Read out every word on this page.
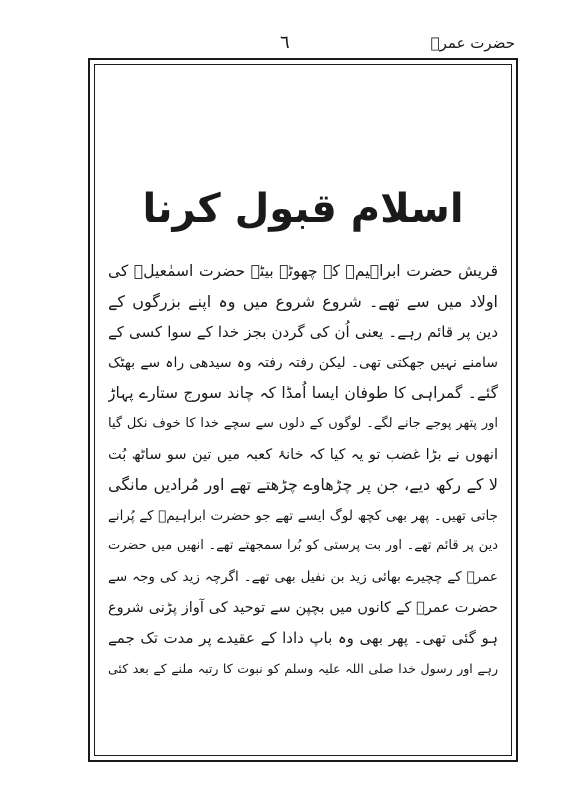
حضرت عمرؓ
٦
اسلام قبول کرنا
قریش حضرت ابراہیمؑ کے چھوٹے بیٹے حضرت اسمٰعیلؑ کی
اولاد میں سے تھے۔ شروع شروع میں وہ اپنے بزرگوں کے
دین پر قائم رہے۔ یعنی اُن کی گردن بجز خدا کے سوا کسی کے
سامنے نہیں جھکتی تھی۔ لیکن رفتہ رفتہ وہ سیدھی راہ سے بھٹک
گئے۔ گمراہی کا طوفان ایسا اُمڈا کہ چاند سورج ستارے پہاڑ
اور پتھر پوجے جانے لگے۔ لوگوں کے دلوں سے سچے خدا کا خوف نکل گیا
انھوں نے بڑا غضب تو یہ کیا کہ خانۂ کعبہ میں تین سو ساٹھ بُت
لا کے رکھ دیے، جن پر چڑھاوے چڑھتے تھے اور مُرادیں مانگی
جاتی تھیں۔ پھر بھی کچھ لوگ ایسے تھے جو حضرت ابراہیمؑ کے پُرانے
دین پر قائم تھے۔ اور بت پرستی کو بُرا سمجھتے تھے۔ انھیں میں حضرت
عمرؓ کے چچیرے بھائی زید بن نفیل بھی تھے۔ اگرچہ زید کی وجہ سے
حضرت عمرؓ کے کانوں میں بچپن سے توحید کی آواز پڑنی شروع
ہو گئی تھی۔ پھر بھی وہ باپ دادا کے عقیدے پر مدت تک جمے
رہے اور رسول خدا صلی اللہ علیہ وسلم کو نبوت کا رتبہ ملنے کے بعد کئی
